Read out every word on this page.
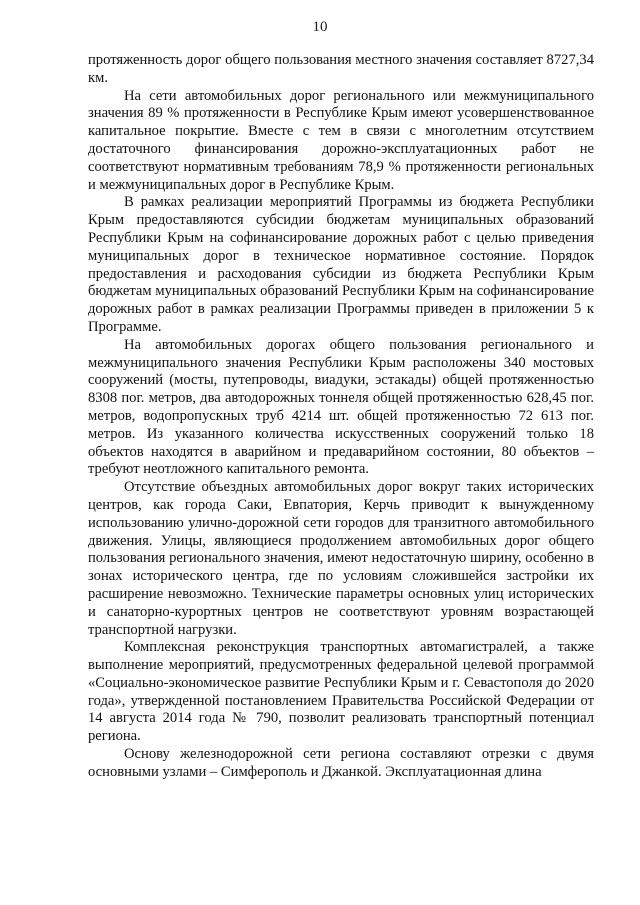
10

протяженность дорог общего пользования местного значения составляет 8727,34 км.

На сети автомобильных дорог регионального или межмуниципального значения 89 % протяженности в Республике Крым имеют усовершенствованное капитальное покрытие. Вместе с тем в связи с многолетним отсутствием достаточного финансирования дорожно-эксплуатационных работ не соответствуют нормативным требованиям 78,9 % протяженности региональных и межмуниципальных дорог в Республике Крым.

В рамках реализации мероприятий Программы из бюджета Республики Крым предоставляются субсидии бюджетам муниципальных образований Республики Крым на софинансирование дорожных работ с целью приведения муниципальных дорог в техническое нормативное состояние. Порядок предоставления и расходования субсидии из бюджета Республики Крым бюджетам муниципальных образований Республики Крым на софинансирование дорожных работ в рамках реализации Программы приведен в приложении 5 к Программе.

На автомобильных дорогах общего пользования регионального и межмуниципального значения Республики Крым расположены 340 мостовых сооружений (мосты, путепроводы, виадуки, эстакады) общей протяженностью 8308 пог. метров, два автодорожных тоннеля общей протяженностью 628,45 пог. метров, водопропускных труб 4214 шт. общей протяженностью 72 613 пог. метров. Из указанного количества искусственных сооружений только 18 объектов находятся в аварийном и предаварийном состоянии, 80 объектов – требуют неотложного капитального ремонта.

Отсутствие объездных автомобильных дорог вокруг таких исторических центров, как города Саки, Евпатория, Керчь приводит к вынужденному использованию улично-дорожной сети городов для транзитного автомобильного движения. Улицы, являющиеся продолжением автомобильных дорог общего пользования регионального значения, имеют недостаточную ширину, особенно в зонах исторического центра, где по условиям сложившейся застройки их расширение невозможно. Технические параметры основных улиц исторических и санаторно-курортных центров не соответствуют уровням возрастающей транспортной нагрузки.

Комплексная реконструкция транспортных автомагистралей, а также выполнение мероприятий, предусмотренных федеральной целевой программой «Социально-экономическое развитие Республики Крым и г. Севастополя до 2020 года», утвержденной постановлением Правительства Российской Федерации от 14 августа 2014 года № 790, позволит реализовать транспортный потенциал региона.

Основу железнодорожной сети региона составляют отрезки с двумя основными узлами – Симферополь и Джанкой. Эксплуатационная длина
